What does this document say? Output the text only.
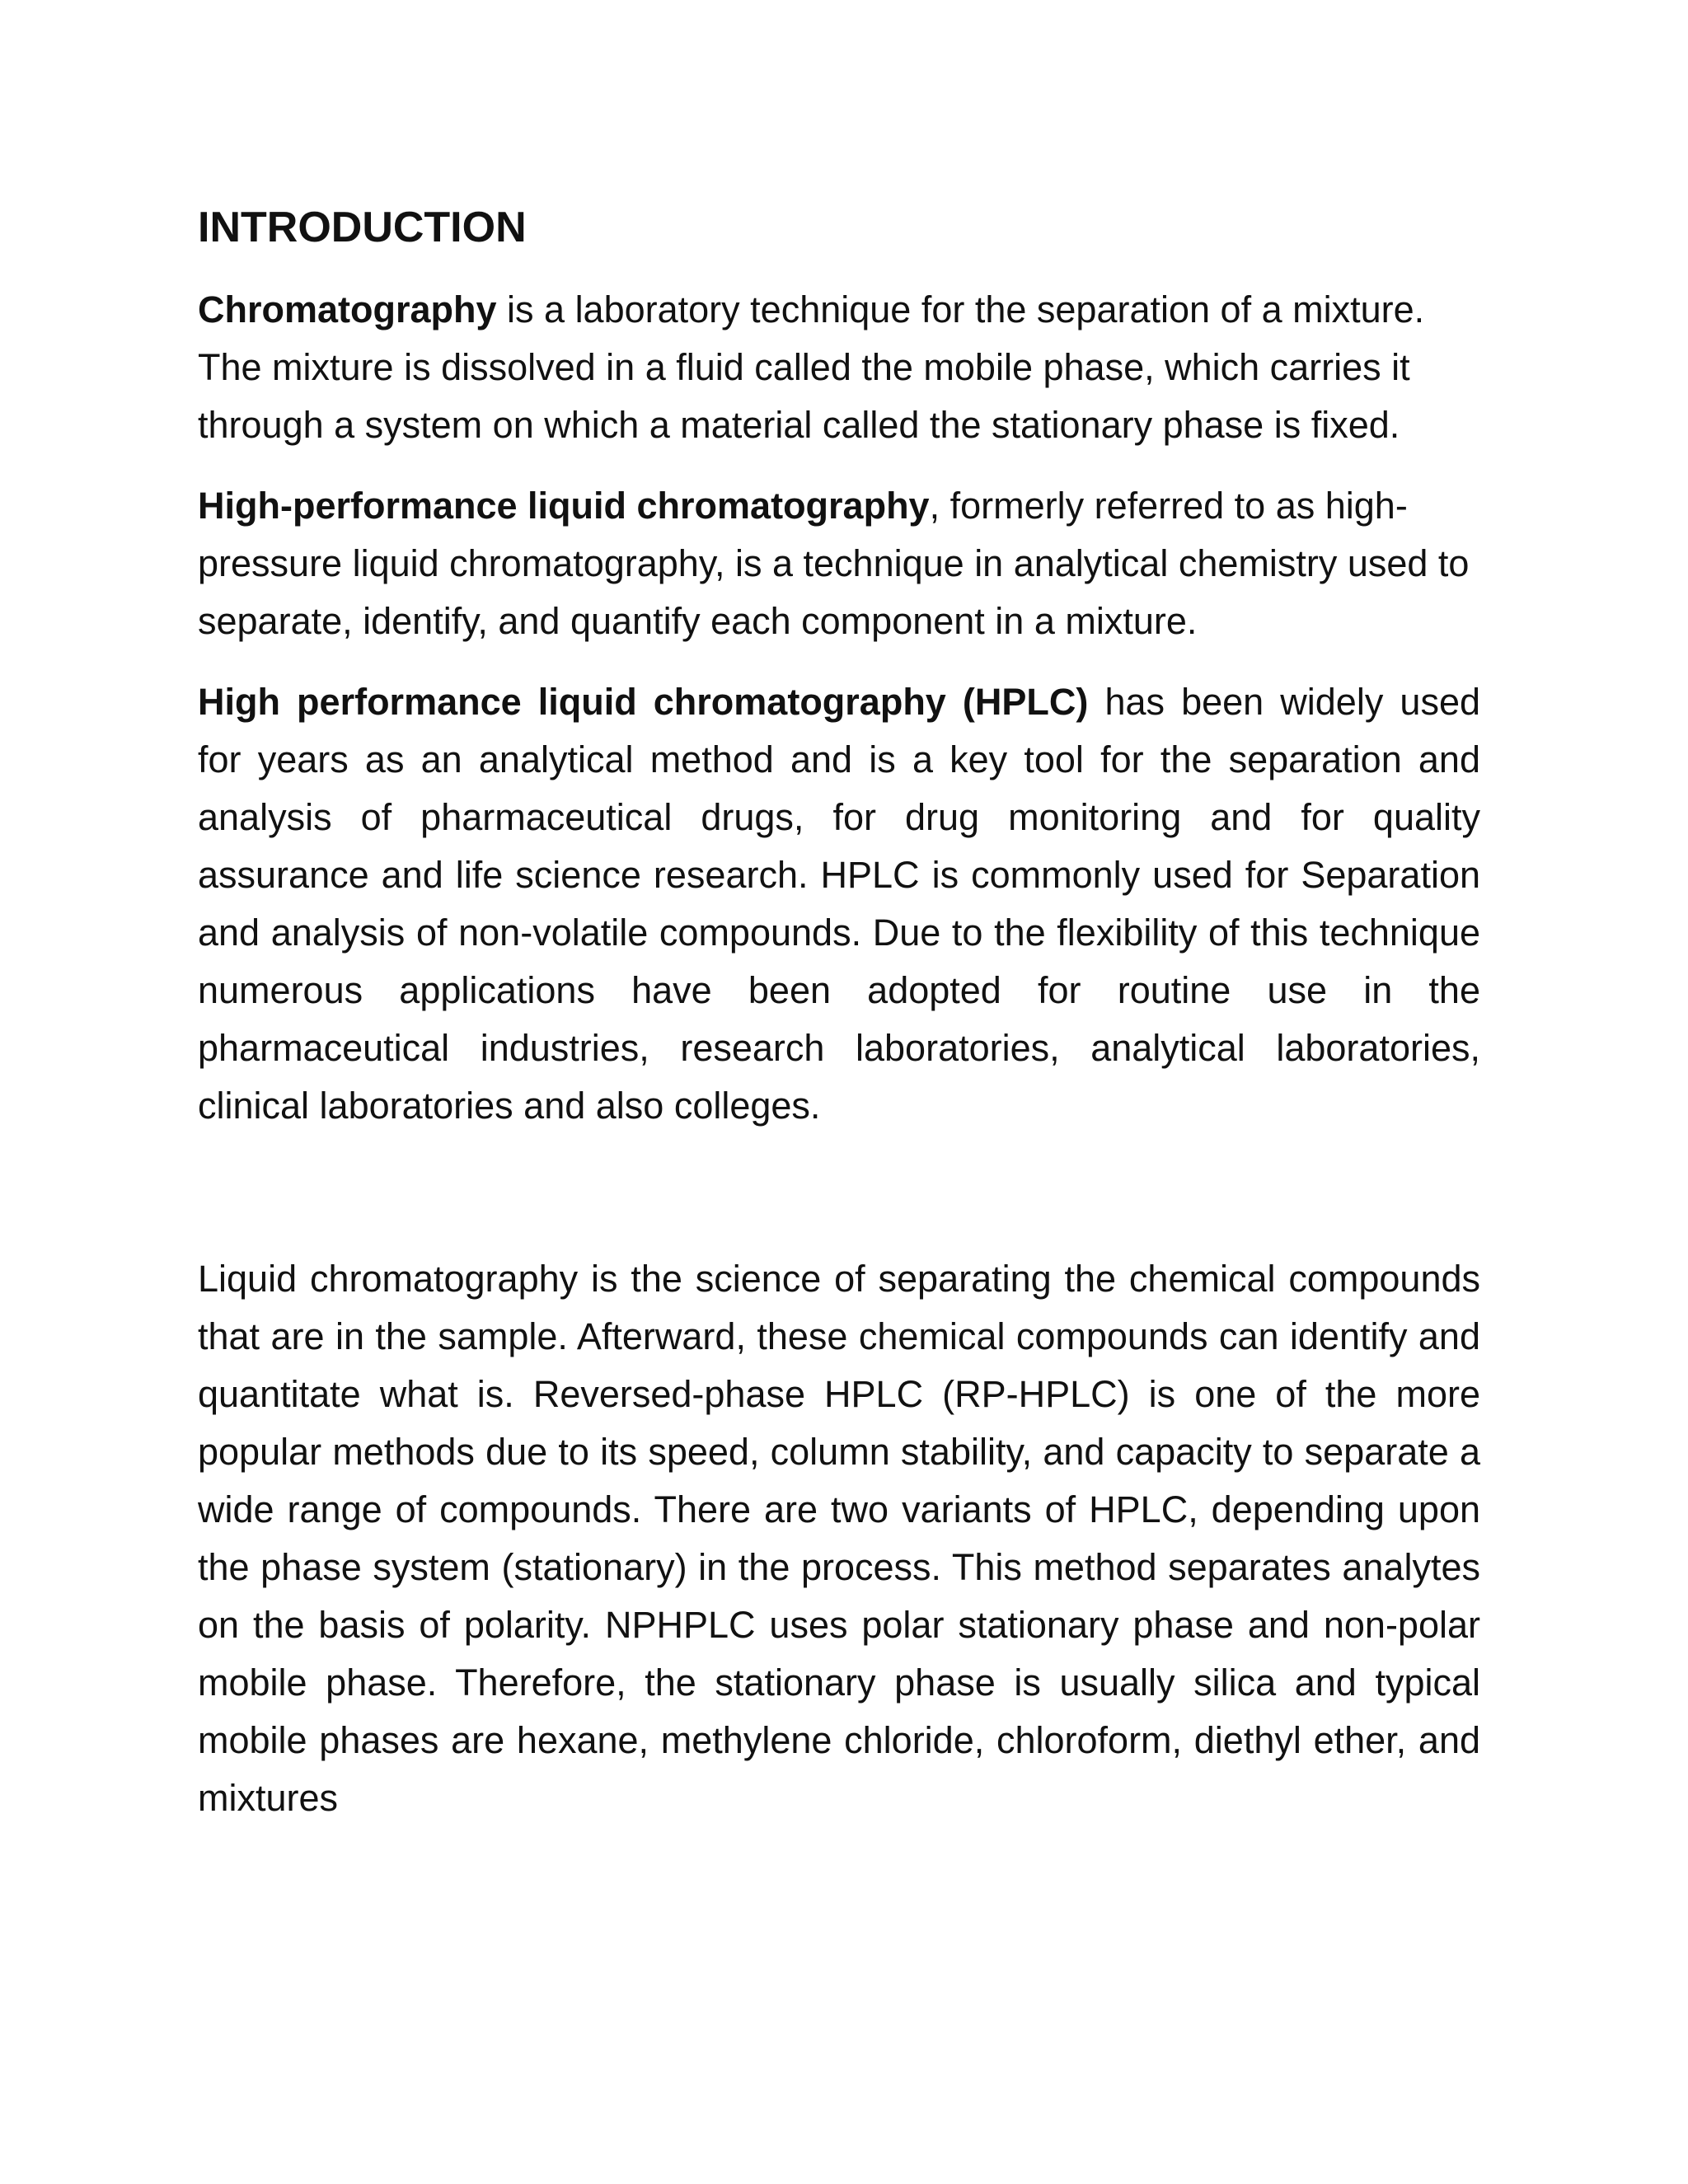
INTRODUCTION

Chromatography is a laboratory technique for the separation of a mixture. The mixture is dissolved in a fluid called the mobile phase, which carries it through a system on which a material called the stationary phase is fixed.

High-performance liquid chromatography, formerly referred to as high-pressure liquid chromatography, is a technique in analytical chemistry used to separate, identify, and quantify each component in a mixture.

High performance liquid chromatography (HPLC) has been widely used for years as an analytical method and is a key tool for the separation and analysis of pharmaceutical drugs, for drug monitoring and for quality assurance and life science research. HPLC is commonly used for Separation and analysis of non-volatile compounds. Due to the flexibility of this technique numerous applications have been adopted for routine use in the pharmaceutical industries, research laboratories, analytical laboratories, clinical laboratories and also colleges.

Liquid chromatography is the science of separating the chemical compounds that are in the sample. Afterward, these chemical compounds can identify and quantitate what is. Reversed-phase HPLC (RP-HPLC) is one of the more popular methods due to its speed, column stability, and capacity to separate a wide range of compounds. There are two variants of HPLC, depending upon the phase system (stationary) in the process. This method separates analytes on the basis of polarity. NPHPLC uses polar stationary phase and non-polar mobile phase. Therefore, the stationary phase is usually silica and typical mobile phases are hexane, methylene chloride, chloroform, diethyl ether, and mixtures
